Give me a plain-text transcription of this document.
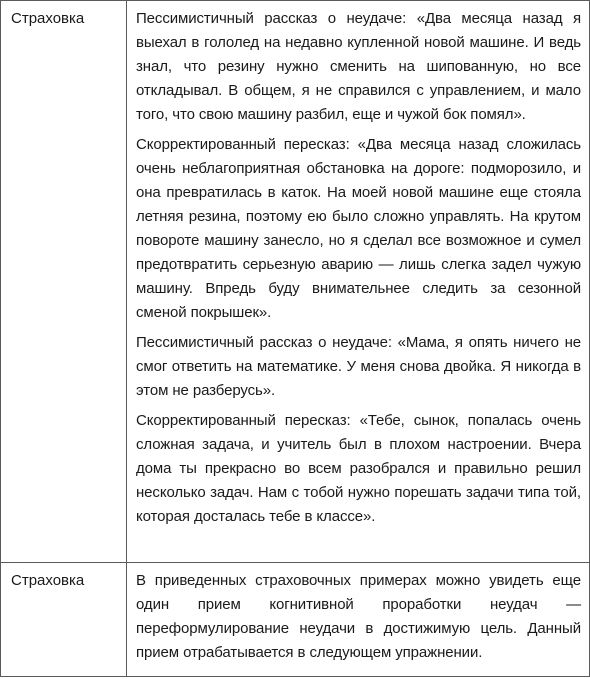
Страховка	Пессимистичный рассказ о неудаче: «Два месяца назад я выехал в гололед на недавно купленной новой машине. И ведь знал, что резину нужно сменить на шипованную, но все откладывал. В общем, я не справился с управлением, и мало того, что свою машину разбил, еще и чужой бок помял».

Скорректированный пересказ: «Два месяца назад сложилась очень неблагоприятная обстановка на дороге: подморозило, и она превратилась в каток. На моей новой машине еще стояла летняя резина, поэтому ею было сложно управлять. На крутом повороте машину занесло, но я сделал все возможное и сумел предотвратить серьезную аварию — лишь слегка задел чужую машину. Впредь буду внимательнее следить за сезонной сменой покрышек».

Пессимистичный рассказ о неудаче: «Мама, я опять ничего не смог ответить на математике. У меня снова двойка. Я никогда в этом не разберусь».

Скорректированный пересказ: «Тебе, сынок, попалась очень сложная задача, и учитель был в плохом настроении. Вчера дома ты прекрасно во всем разобрался и правильно решил несколько задач. Нам с тобой нужно порешать задачи типа той, которая досталась тебе в классе».

Страховка	В приведенных страховочных примерах можно увидеть еще один прием когнитивной проработки неудач — переформулирование неудачи в достижимую цель. Данный прием отрабатывается в следующем упражнении.
